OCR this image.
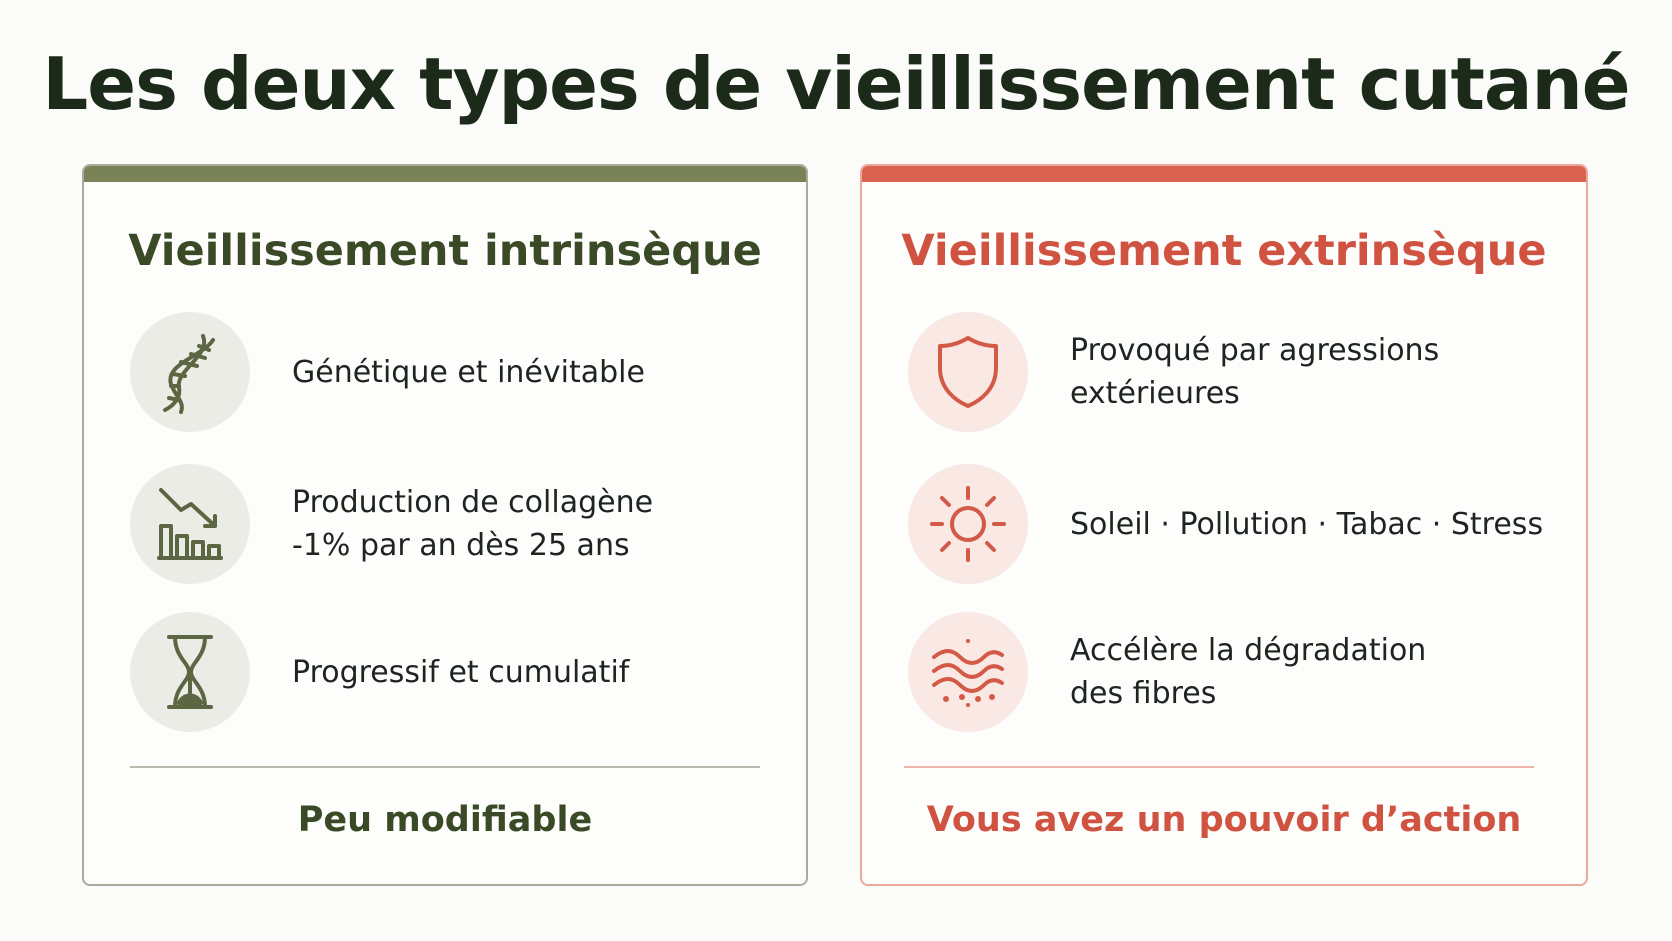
Les deux types de vieillissement cutané
Vieillissement intrinsèque
Génétique et inévitable
Production de collagène
-1% par an dès 25 ans
Progressif et cumulatif
Peu modifiable
Vieillissement extrinsèque
Provoqué par agressions
extérieures
Soleil · Pollution · Tabac · Stress
Accélère la dégradation
des fibres
Vous avez un pouvoir d’action
